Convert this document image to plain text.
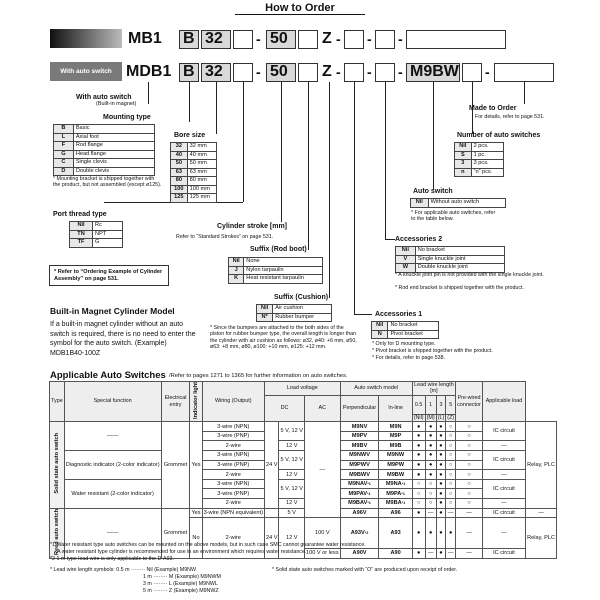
How to Order
MB1 B 32 - 50 Z - - -
With auto switch MDB1 B 32 - 50 Z - - - M9BW -
With auto switch
(Built-in magnet)
Mounting type
B	Basic
L	Axial foot
F	Rod flange
G	Head flange
C	Single clevis
D	Double clevis
* Mounting bracket is shipped together with the product, but not assembled (except ø125).
Bore size
32	32 mm
40	40 mm
50	50 mm
63	63 mm
80	80 mm
100	100 mm
125	125 mm
Port thread type
Nil	Rc
TN	NPT
TF	G
* Refer to “Ordering Example of Cylinder Assembly” on page 531.
Cylinder stroke [mm]
Refer to “Standard Strokes” on page 531.
Suffix (Rod boot)
Nil	None
J	Nylon tarpaulin
K	Heat resistant tarpaulin
Suffix (Cushion)
Nil	Air cushion
N*	Rubber bumper
* Since the bumpers are attached to the both sides of the piston for rubber bumper type, the overall length is longer than the cylinder with air cushion as follows: ø32, ø40: +6 mm, ø50, ø63: +8 mm, ø80, ø100: +10 mm, ø125: +12 mm.
Made to Order
For details, refer to page 531.
Number of auto switches
Nil	2 pcs.
S	1 pc.
3	3 pcs.
n	“n” pcs.
Auto switch
Nil	Without auto switch
* For applicable auto switches, refer to the table below.
Accessories 2
Nil	No bracket
V	Single knuckle joint
W	Double knuckle joint
* A knuckle joint pin is not provided with the single knuckle joint.
* Rod end bracket is shipped together with the product.
Accessories 1
Nil	No bracket
N	Pivot bracket
* Only for D mounting type.
* Pivot bracket is shipped together with the product.
* For details, refer to page 538.
Built-in Magnet Cylinder Model
If a built-in magnet cylinder without an auto switch is required, there is no need to enter the symbol for the auto switch. (Example) MDB1B40-100Z
Applicable Auto Switches /Refer to pages 1271 to 1365 for further information on auto switches.
Type	Special function	Electrical entry	Indicator light	Wiring (Output)	Load voltage			Auto switch model		Lead wire length [m]				Pre-wired connector	Applicable load	
					DC		AC	Perpendicular	In-line	0.5	1	3	5			
										(Nil)	(M)	(L)	(Z)			
Solid state auto switch	——	Grommet	Yes	3-wire (NPN)	24 V	5 V, 12 V	—	M9NV	M9N	●	●	●	○	○	IC circuit	Relay, PLC
				3-wire (PNP)				M9PV	M9P	●	●	●	○	○		
				2-wire		12 V		M9BV	M9B	●	●	●	○	○	—	
	Diagnostic indicator (2-color indicator)			3-wire (NPN)		5 V, 12 V		M9NWV	M9NW	●	●	●	○	○	IC circuit	
				3-wire (PNP)				M9PWV	M9PW	●	●	●	○	○		
				2-wire		12 V		M9BWV	M9BW	●	●	●	○	○	—	
	Water resistant (2-color indicator)			3-wire (NPN)		5 V, 12 V		M9NAV$^{*1}$	M9NA$^{*1}$	○	○	●	○	○	IC circuit	
				3-wire (PNP)				M9PAV$^{*1}$	M9PA$^{*1}$	○	○	●	○	○		
				2-wire		12 V		M9BAV$^{*1}$	M9BA$^{*1}$	○	○	●	○	○	—	
Reed auto switch	——	Grommet	Yes	3-wire (NPN equivalent)		5 V		A96V	A96	●	—	●	—	—	IC circuit	—
			No	2-wire	24 V	12 V	100 V	$A93V^{*2}$	A93	●	●	●	●	—	—	Relay, PLC
							100 V or less	A90V	A90	●	—	●	—	—	IC circuit	
*1 Water resistant type auto switches can be mounted on the above models, but in such case SMC cannot guarantee water resistance.
A water resistant type cylinder is recommended for use in an environment which requires water resistance.
*2 1 m type lead wire is only applicable to the D-A93.
* Lead wire length symbols: 0.5 m ········ Nil (Example) M9NW
1 m ········ M (Example) M9NWM
3 m ········ L (Example) M9NWL
5 m ········ Z (Example) M9NWZ
* Solid state auto switches marked with “O” are produced upon receipt of order.
